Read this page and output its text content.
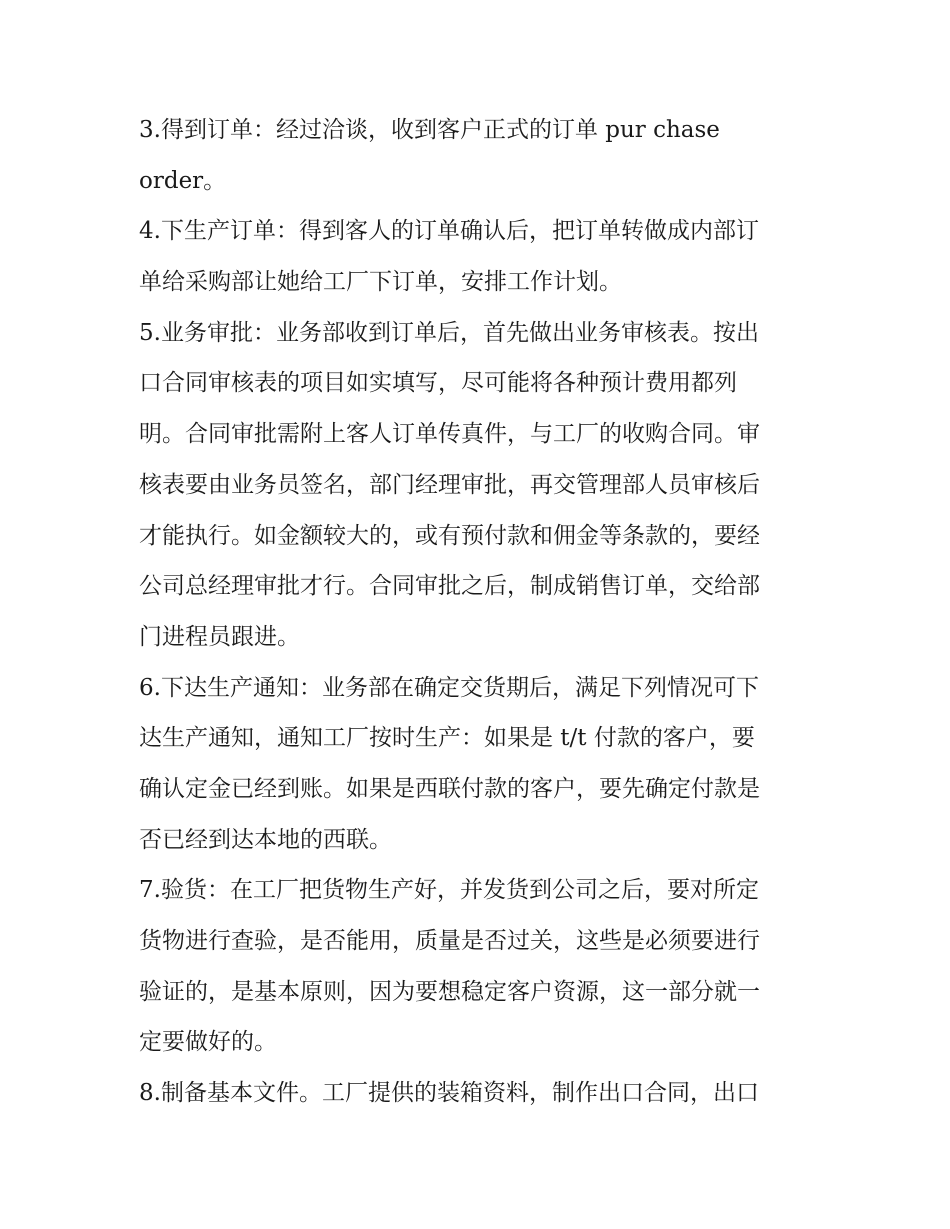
3.得到订单：经过洽谈，收到客户正式的订单 pur chase
order。
4.下生产订单：得到客人的订单确认后，把订单转做成内部订
单给采购部让她给工厂下订单，安排工作计划。
5.业务审批：业务部收到订单后，首先做出业务审核表。按出
口合同审核表的项目如实填写，尽可能将各种预计费用都列
明。合同审批需附上客人订单传真件，与工厂的收购合同。审
核表要由业务员签名，部门经理审批，再交管理部人员审核后
才能执行。如金额较大的，或有预付款和佣金等条款的，要经
公司总经理审批才行。合同审批之后，制成销售订单，交给部
门进程员跟进。
6.下达生产通知：业务部在确定交货期后，满足下列情况可下
达生产通知，通知工厂按时生产：如果是 t/t 付款的客户，要
确认定金已经到账。如果是西联付款的客户，要先确定付款是
否已经到达本地的西联。
7.验货：在工厂把货物生产好，并发货到公司之后，要对所定
货物进行查验，是否能用，质量是否过关，这些是必须要进行
验证的，是基本原则，因为要想稳定客户资源，这一部分就一
定要做好的。
8.制备基本文件。工厂提供的装箱资料，制作出口合同，出口
